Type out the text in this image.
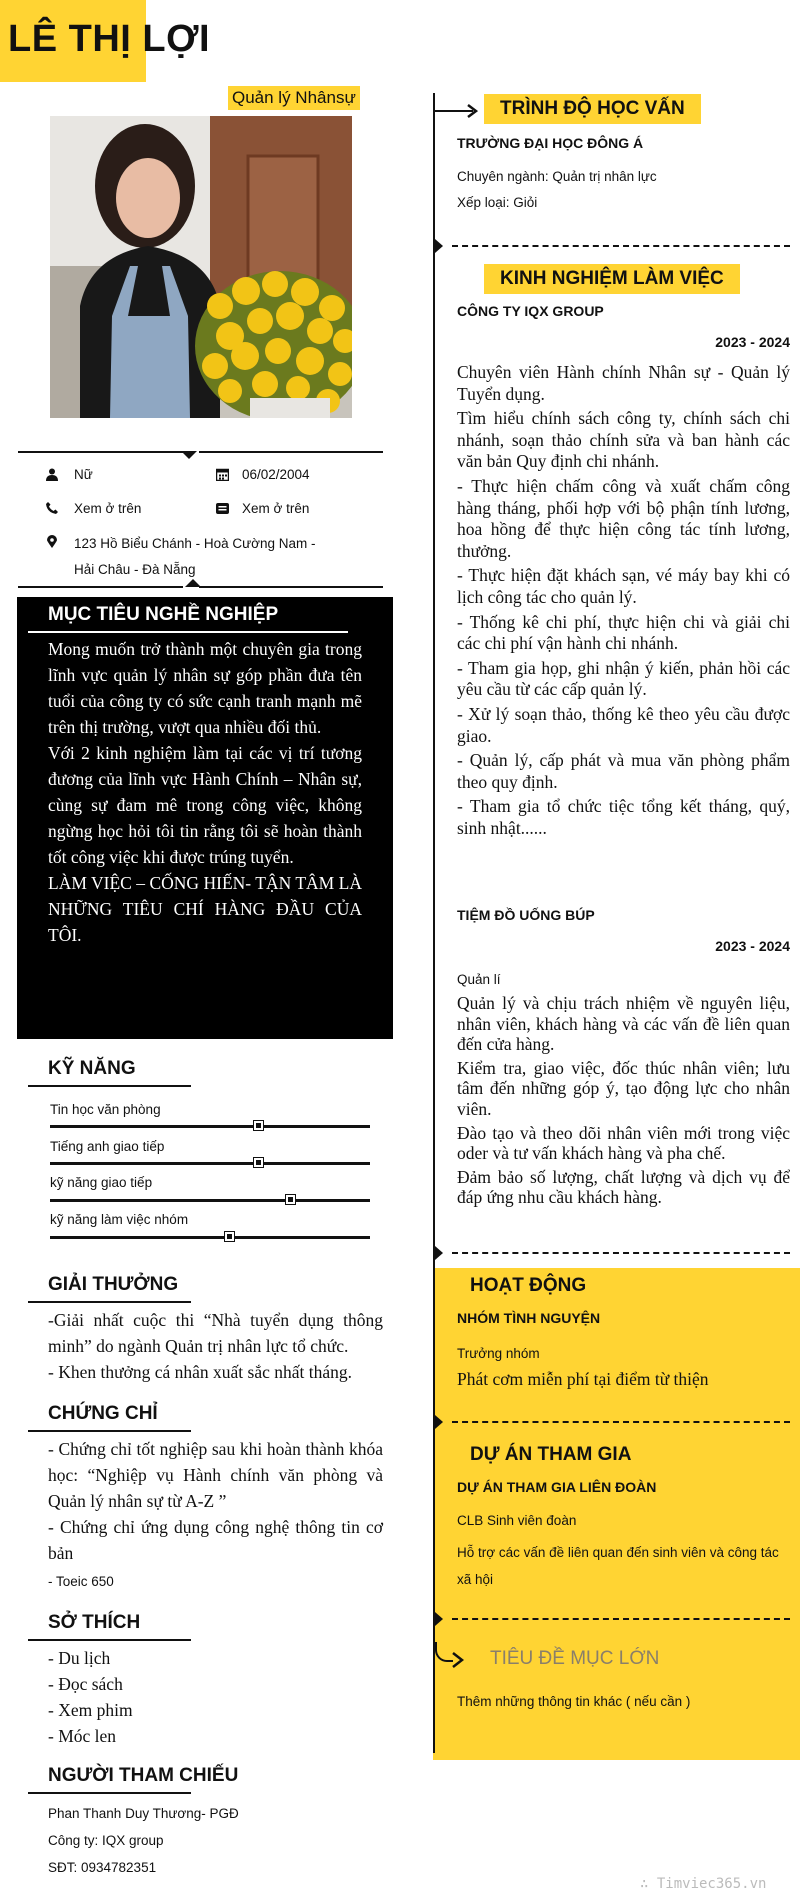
LÊ THỊ LỢI
Quản lý Nhânsự
Nữ	06/02/2004
Xem ở trên	Xem ở trên
123 Hồ Biểu Chánh - Hoà Cường Nam -
Hải Châu - Đà Nẵng
MỤC TIÊU NGHỀ NGHIỆP
Mong muốn trở thành một chuyên gia trong lĩnh vực quản lý nhân sự góp phần đưa tên tuổi của công ty có sức cạnh tranh mạnh mẽ trên thị trường, vượt qua nhiều đối thủ.
Với 2 kinh nghiệm làm tại các vị trí tương đương của lĩnh vực Hành Chính – Nhân sự, cùng sự đam mê trong công việc, không ngừng học hỏi tôi tin rằng tôi sẽ hoàn thành tốt công việc khi được trúng tuyển.
LÀM VIỆC – CỐNG HIẾN- TẬN TÂM LÀ NHỮNG TIÊU CHÍ HÀNG ĐẦU CỦA TÔI.
KỸ NĂNG
Tin học văn phòng
Tiếng anh giao tiếp
kỹ năng giao tiếp
kỹ năng làm việc nhóm
GIẢI THƯỞNG
-Giải nhất cuộc thi “Nhà tuyển dụng thông minh” do ngành Quản trị nhân lực tổ chức.
- Khen thưởng cá nhân xuất sắc nhất tháng.
CHỨNG CHỈ
- Chứng chỉ tốt nghiệp sau khi hoàn thành khóa học: “Nghiệp vụ Hành chính văn phòng và Quản lý nhân sự từ A-Z ”
- Chứng chỉ ứng dụng công nghệ thông tin cơ bản
- Toeic 650
SỞ THÍCH
- Du lịch
- Đọc sách
- Xem phim
- Móc len
NGƯỜI THAM CHIẾU
Phan Thanh Duy Thương- PGĐ
Công ty: IQX group
SĐT: 0934782351
TRÌNH ĐỘ HỌC VẤN
TRƯỜNG ĐẠI HỌC ĐÔNG Á
Chuyên ngành: Quản trị nhân lực
Xếp loại: Giỏi
KINH NGHIỆM LÀM VIỆC
CÔNG TY IQX GROUP
2023 - 2024
Chuyên viên Hành chính Nhân sự - Quản lý Tuyển dụng.
Tìm hiểu chính sách công ty, chính sách chi nhánh, soạn thảo chính sửa và ban hành các văn bản Quy định chi nhánh.
- Thực hiện chấm công và xuất chấm công hàng tháng, phối hợp với bộ phận tính lương, hoa hồng để thực hiện công tác tính lương, thưởng.
- Thực hiện đặt khách sạn, vé máy bay khi có lịch công tác cho quản lý.
- Thống kê chi phí, thực hiện chi và giải chi các chi phí vận hành chi nhánh.
- Tham gia họp, ghi nhận ý kiến, phản hồi các yêu cầu từ các cấp quản lý.
- Xử lý soạn thảo, thống kê theo yêu cầu được giao.
- Quản lý, cấp phát và mua văn phòng phẩm theo quy định.
- Tham gia tổ chức tiệc tổng kết tháng, quý, sinh nhật......
TIỆM ĐỒ UỐNG BÚP
2023 - 2024
Quản lí
Quản lý và chịu trách nhiệm về nguyên liệu, nhân viên, khách hàng và các vấn đề liên quan đến cửa hàng.
Kiểm tra, giao việc, đốc thúc nhân viên; lưu tâm đến những góp ý, tạo động lực cho nhân viên.
Đào tạo và theo dõi nhân viên mới trong việc oder và tư vấn khách hàng và pha chế.
Đảm bảo số lượng, chất lượng và dịch vụ để đáp ứng nhu cầu khách hàng.
HOẠT ĐỘNG
NHÓM TÌNH NGUYỆN
Trưởng nhóm
Phát cơm miễn phí tại điểm từ thiện
DỰ ÁN THAM GIA
DỰ ÁN THAM GIA LIÊN ĐOÀN
CLB Sinh viên đoàn
Hỗ trợ các vấn đề liên quan đến sinh viên và công tác xã hội
TIÊU ĐỀ MỤC LỚN
Thêm những thông tin khác ( nếu cần )
∴ Timviec365.vn
